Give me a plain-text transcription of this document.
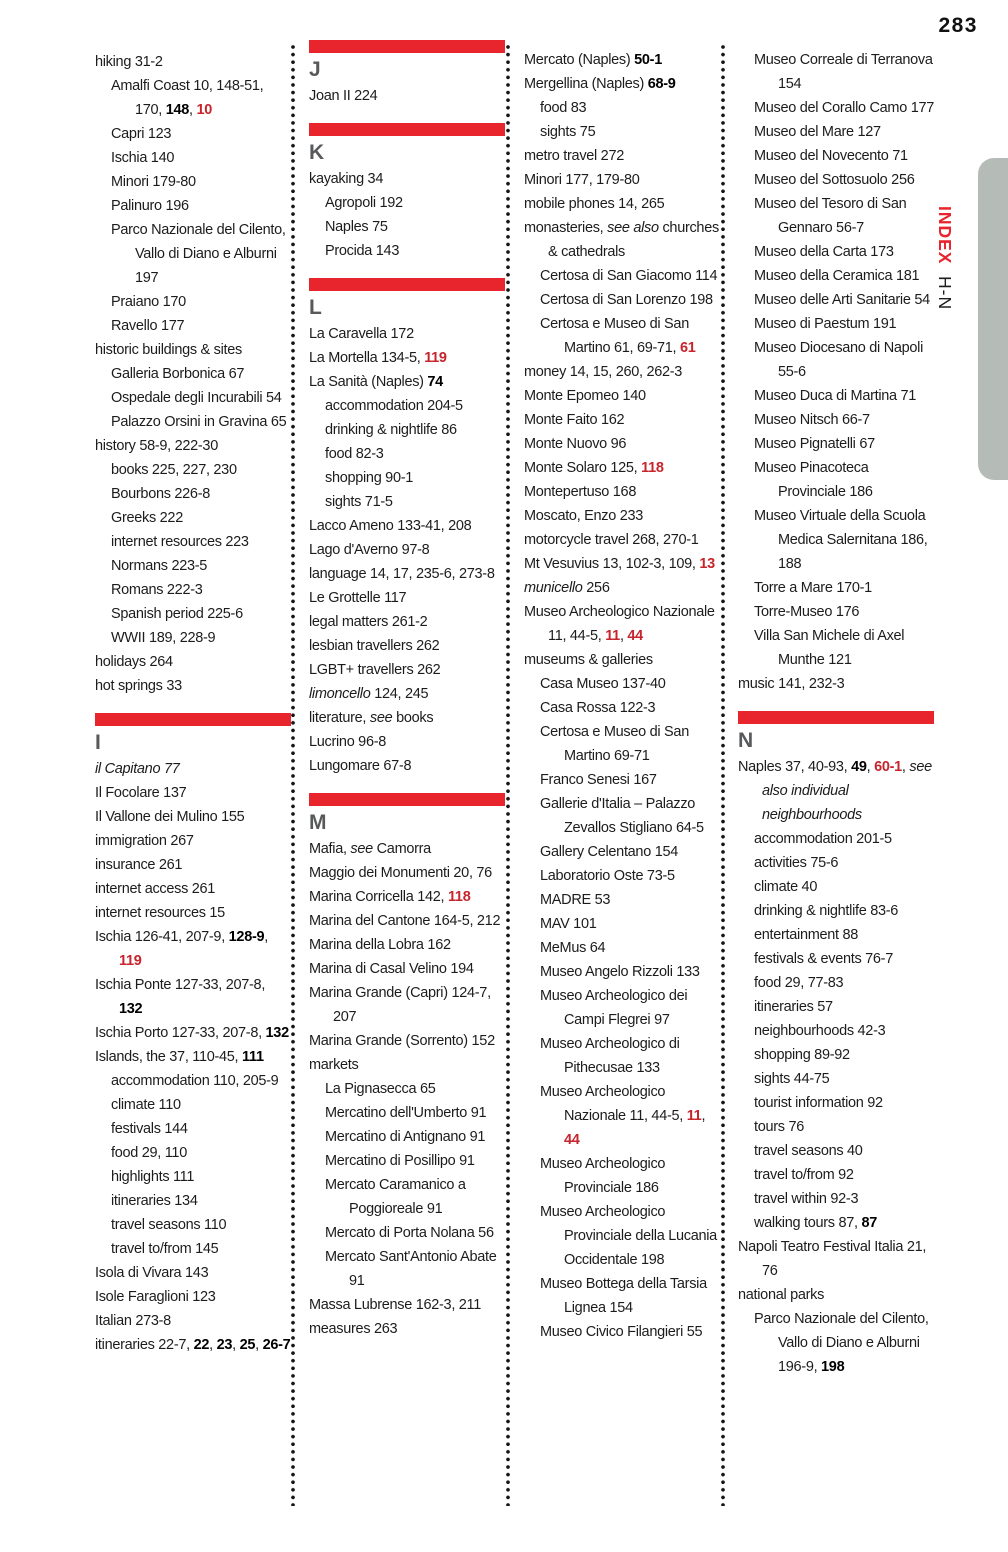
283

hiking 31-2

Amalfi Coast 10, 148-51, 170, 148, 10

Capri 123

Ischia 140

Minori 179-80

Palinuro 196

Parco Nazionale del Cilento, Vallo di Diano e Alburni 197

Praiano 170

Ravello 177

historic buildings & sites

Galleria Borbonica 67

Ospedale degli Incurabili 54

Palazzo Orsini in Gravina 65

history 58-9, 222-30

books 225, 227, 230

Bourbons 226-8

Greeks 222

internet resources 223

Normans 223-5

Romans 222-3

Spanish period 225-6

WWII 189, 228-9

holidays 264

hot springs 33

I

il Capitano 77

Il Focolare 137

Il Vallone dei Mulino 155

immigration 267

insurance 261

internet access 261

internet resources 15

Ischia 126-41, 207-9, 128-9, 119

Ischia Ponte 127-33, 207-8, 132

Ischia Porto 127-33, 207-8, 132

Islands, the 37, 110-45, 111

accommodation 110, 205-9

climate 110

festivals 144

food 29, 110

highlights 111

itineraries 134

travel seasons 110

travel to/from 145

Isola di Vivara 143

Isole Faraglioni 123

Italian 273-8

itineraries 22-7, 22, 23, 25, 26-7

J

Joan II 224

K

kayaking 34

Agropoli 192

Naples 75

Procida 143

L

La Caravella 172

La Mortella 134-5, 119

La Sanità (Naples) 74

accommodation 204-5

drinking & nightlife 86

food 82-3

shopping 90-1

sights 71-5

Lacco Ameno 133-41, 208

Lago d'Averno 97-8

language 14, 17, 235-6, 273-8

Le Grottelle 117

legal matters 261-2

lesbian travellers 262

LGBT+ travellers 262

limoncello 124, 245

literature, see books

Lucrino 96-8

Lungomare 67-8

M

Mafia, see Camorra

Maggio dei Monumenti 20, 76

Marina Corricella 142, 118

Marina del Cantone 164-5, 212

Marina della Lobra 162

Marina di Casal Velino 194

Marina Grande (Capri) 124-7, 207

Marina Grande (Sorrento) 152

markets

La Pignasecca 65

Mercatino dell'Umberto 91

Mercatino di Antignano 91

Mercatino di Posillipo 91

Mercato Caramanico a Poggioreale 91

Mercato di Porta Nolana 56

Mercato Sant'Antonio Abate 91

Massa Lubrense 162-3, 211

measures 263

Mercato (Naples) 50-1

Mergellina (Naples) 68-9

food 83

sights 75

metro travel 272

Minori 177, 179-80

mobile phones 14, 265

monasteries, see also churches & cathedrals

Certosa di San Giacomo 114

Certosa di San Lorenzo 198

Certosa e Museo di San Martino 61, 69-71, 61

money 14, 15, 260, 262-3

Monte Epomeo 140

Monte Faito 162

Monte Nuovo 96

Monte Solaro 125, 118

Montepertuso 168

Moscato, Enzo 233

motorcycle travel 268, 270-1

Mt Vesuvius 13, 102-3, 109, 13

municello 256

Museo Archeologico Nazionale 11, 44-5, 11, 44

museums & galleries

Casa Museo 137-40

Casa Rossa 122-3

Certosa e Museo di San Martino 69-71

Franco Senesi 167

Gallerie d'Italia – Palazzo Zevallos Stigliano 64-5

Gallery Celentano 154

Laboratorio Oste 73-5

MADRE 53

MAV 101

MeMus 64

Museo Angelo Rizzoli 133

Museo Archeologico dei Campi Flegrei 97

Museo Archeologico di Pithecusae 133

Museo Archeologico Nazionale 11, 44-5, 11, 44

Museo Archeologico Provinciale 186

Museo Archeologico Provinciale della Lucania Occidentale 198

Museo Bottega della Tarsia Lignea 154

Museo Civico Filangieri 55

Museo Correale di Terranova 154

Museo del Corallo Camo 177

Museo del Mare 127

Museo del Novecento 71

Museo del Sottosuolo 256

Museo del Tesoro di San Gennaro 56-7

Museo della Carta 173

Museo della Ceramica 181

Museo delle Arti Sanitarie 54

Museo di Paestum 191

Museo Diocesano di Napoli 55-6

Museo Duca di Martina 71

Museo Nitsch 66-7

Museo Pignatelli 67

Museo Pinacoteca Provinciale 186

Museo Virtuale della Scuola Medica Salernitana 186, 188

Torre a Mare 170-1

Torre-Museo 176

Villa San Michele di Axel Munthe 121

music 141, 232-3

N

Naples 37, 40-93, 49, 60-1, see also individual neighbourhoods

accommodation 201-5

activities 75-6

climate 40

drinking & nightlife 83-6

entertainment 88

festivals & events 76-7

food 29, 77-83

itineraries 57

neighbourhoods 42-3

shopping 89-92

sights 44-75

tourist information 92

tours 76

travel seasons 40

travel to/from 92

travel within 92-3

walking tours 87, 87

Napoli Teatro Festival Italia 21, 76

national parks

Parco Nazionale del Cilento, Vallo di Diano e Alburni 196-9, 198

INDEX H-N
